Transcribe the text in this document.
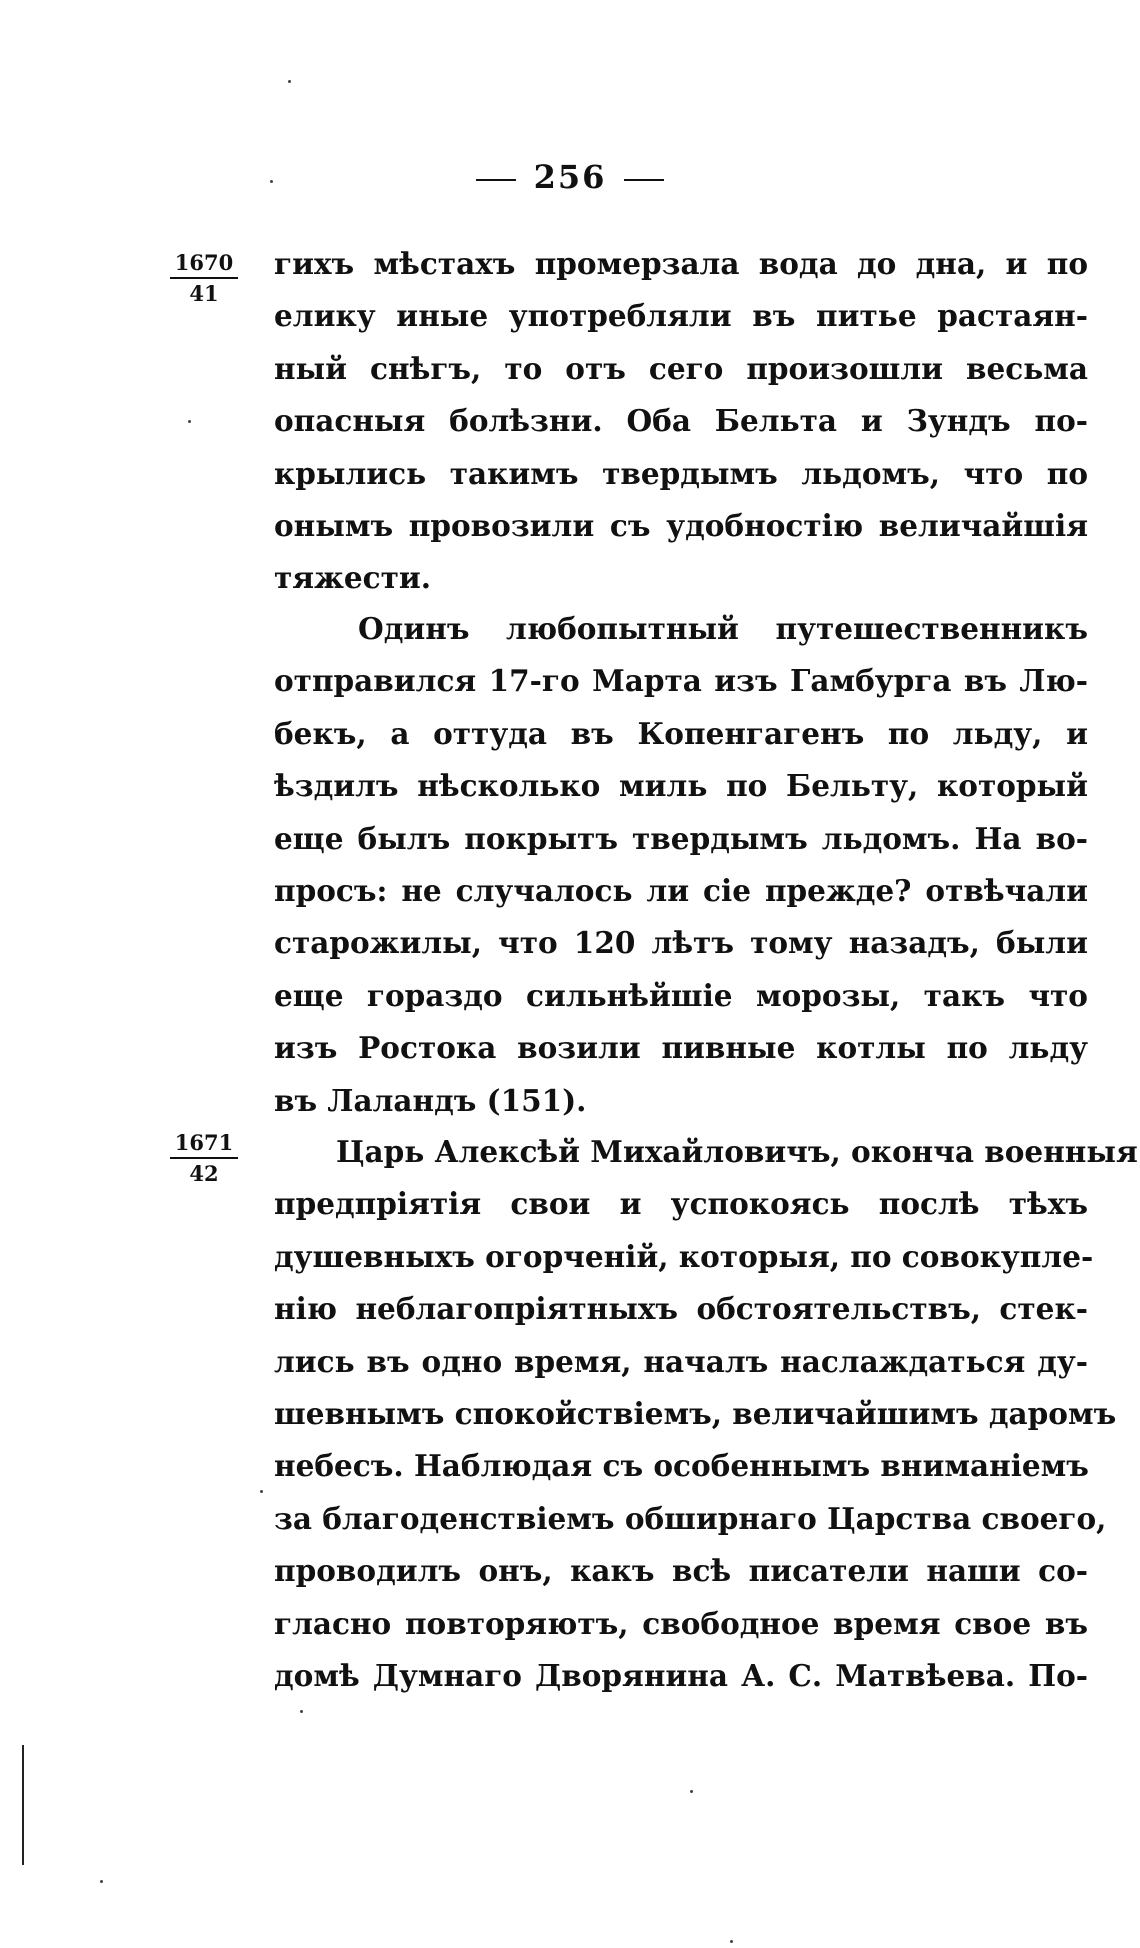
256
1670
41
1671
42
гихъ мѣстахъ промерзала вода до дна, и по
елику иные употребляли въ питье растаян-
ный снѣгъ, то отъ сего произошли весьма
опасныя болѣзни. Оба Бельта и Зундъ по-
крылись такимъ твердымъ льдомъ, что по
онымъ провозили съ удобностію величайшія
тяжести.
Одинъ любопытный путешественникъ
отправился 17-го Марта изъ Гамбурга въ Лю-
бекъ, а оттуда въ Копенгагенъ по льду, и
ѣздилъ нѣсколько миль по Бельту, который
еще былъ покрытъ твердымъ льдомъ. На во-
просъ: не случалось ли сіе прежде? отвѣчали
старожилы, что 120 лѣтъ тому назадъ, были
еще гораздо сильнѣйшіе морозы, такъ что
изъ Ростока возили пивные котлы по льду
въ Лаландъ (151).
Царь Алексѣй Михайловичъ, окончa военныя
предпріятія свои и успокоясь послѣ тѣхъ
душевныхъ огорченій, которыя, по совокупле-
нію неблагопріятныхъ обстоятельствъ, стек-
лись въ одно время, началъ наслаждаться ду-
шевнымъ спокойствіемъ, величайшимъ даромъ
небесъ. Наблюдая съ особеннымъ вниманіемъ
за благоденствіемъ обширнаго Царства своего,
проводилъ онъ, какъ всѣ писатели наши со-
гласно повторяютъ, свободное время свое въ
домѣ Думнаго Дворянина А. С. Матвѣева. По-
